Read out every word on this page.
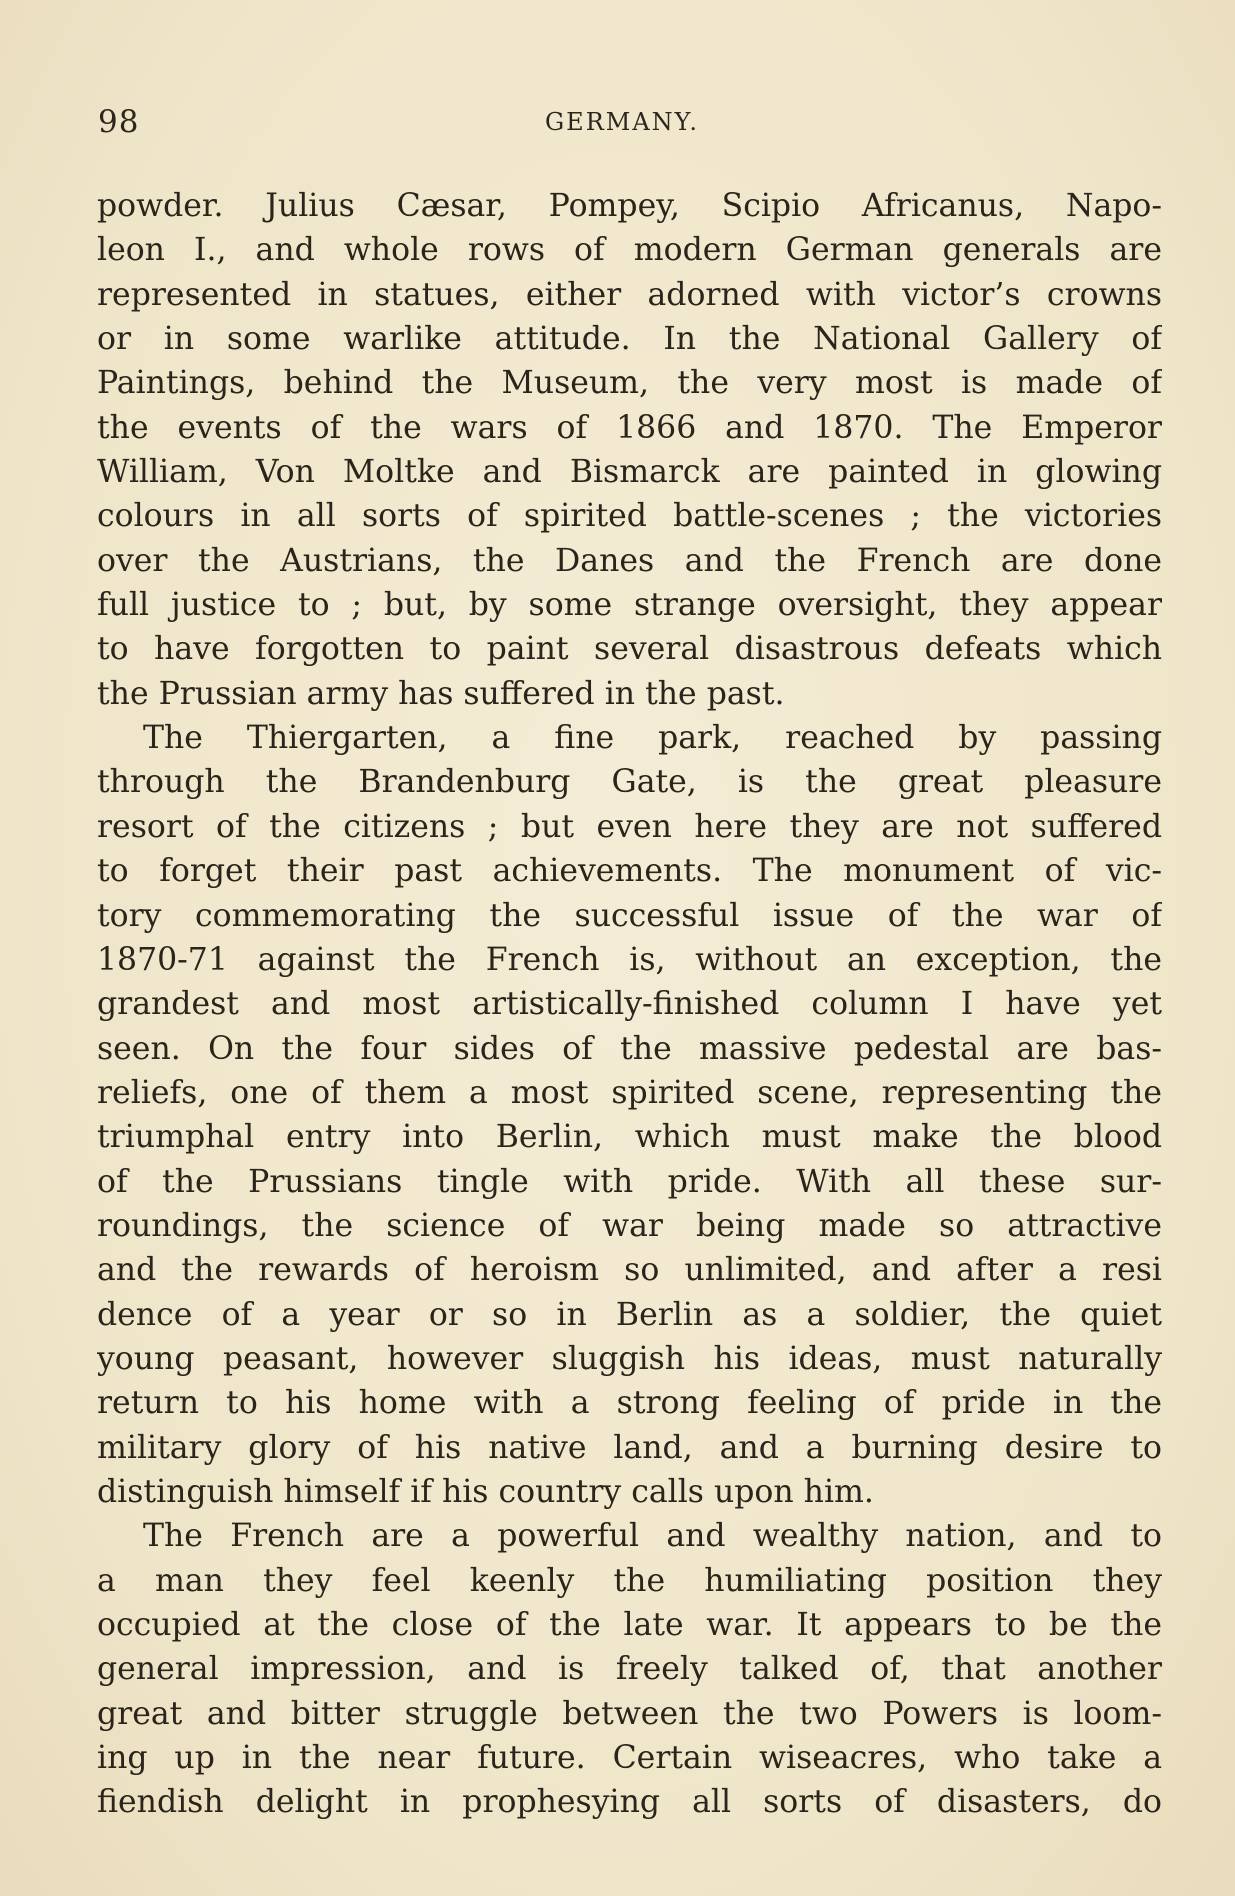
98	GERMANY.
powder. Julius Cæsar, Pompey, Scipio Africanus, Napo-
leon I., and whole rows of modern German generals are
represented in statues, either adorned with victor’s crowns
or in some warlike attitude. In the National Gallery of
Paintings, behind the Museum, the very most is made of
the events of the wars of 1866 and 1870. The Emperor
William, Von Moltke and Bismarck are painted in glowing
colours in all sorts of spirited battle-scenes ; the victories
over the Austrians, the Danes and the French are done
full justice to ; but, by some strange oversight, they appear
to have forgotten to paint several disastrous defeats which
the Prussian army has suffered in the past.
The Thiergarten, a fine park, reached by passing
through the Brandenburg Gate, is the great pleasure
resort of the citizens ; but even here they are not suffered
to forget their past achievements. The monument of vic-
tory commemorating the successful issue of the war of
1870-71 against the French is, without an exception, the
grandest and most artistically-finished column I have yet
seen. On the four sides of the massive pedestal are bas-
reliefs, one of them a most spirited scene, representing the
triumphal entry into Berlin, which must make the blood
of the Prussians tingle with pride. With all these sur-
roundings, the science of war being made so attractive
and the rewards of heroism so unlimited, and after a resi
dence of a year or so in Berlin as a soldier, the quiet
young peasant, however sluggish his ideas, must naturally
return to his home with a strong feeling of pride in the
military glory of his native land, and a burning desire to
distinguish himself if his country calls upon him.
The French are a powerful and wealthy nation, and to
a man they feel keenly the humiliating position they
occupied at the close of the late war. It appears to be the
general impression, and is freely talked of, that another
great and bitter struggle between the two Powers is loom-
ing up in the near future. Certain wiseacres, who take a
fiendish delight in prophesying all sorts of disasters, do
